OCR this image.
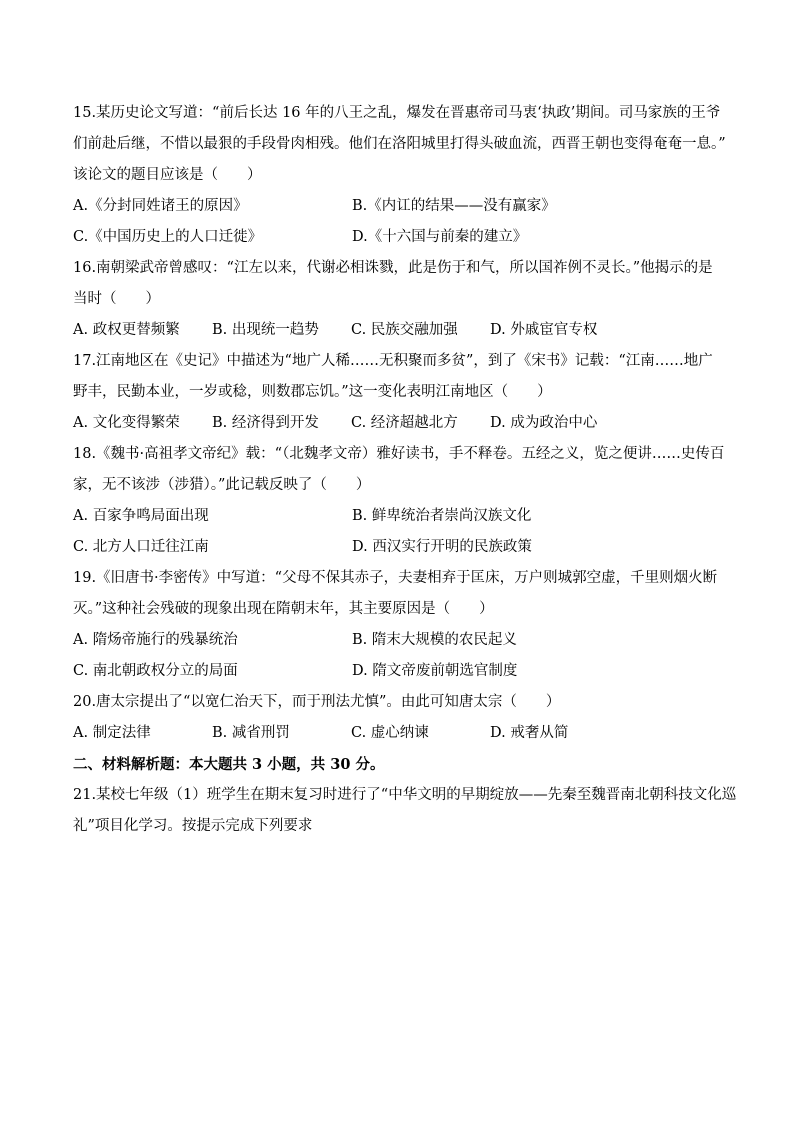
15.某历史论文写道：“前后长达 16 年的八王之乱，爆发在晋惠帝司马衷‘执政’期间。司马家族的王爷
们前赴后继，不惜以最狠的手段骨肉相残。他们在洛阳城里打得头破血流，西晋王朝也变得奄奄一息。”
该论文的题目应该是（　　）
A.《分封同姓诸王的原因》	B.《内讧的结果——没有赢家》
C.《中国历史上的人口迁徙》	D.《十六国与前秦的建立》
16.南朝梁武帝曾感叹：“江左以来，代谢必相诛戮，此是伤于和气，所以国祚例不灵长。”他揭示的是
当时（　　）
A. 政权更替频繁	B. 出现统一趋势	C. 民族交融加强	D. 外戚宦官专权
17.江南地区在《史记》中描述为“地广人稀……无积聚而多贫”，到了《宋书》记载：“江南……地广
野丰，民勤本业，一岁或稔，则数郡忘饥。”这一变化表明江南地区（　　）
A. 文化变得繁荣	B. 经济得到开发	C. 经济超越北方	D. 成为政治中心
18.《魏书·高祖孝文帝纪》载：“（北魏孝文帝）雅好读书，手不释卷。五经之义，览之便讲……史传百
家，无不该涉（涉猎）。”此记载反映了（　　）
A. 百家争鸣局面出现	B. 鲜卑统治者崇尚汉族文化
C. 北方人口迁往江南	D. 西汉实行开明的民族政策
19.《旧唐书·李密传》中写道：“父母不保其赤子，夫妻相弃于匡床，万户则城郭空虚，千里则烟火断
灭。”这种社会残破的现象出现在隋朝末年，其主要原因是（　　）
A. 隋炀帝施行的残暴统治	B. 隋末大规模的农民起义
C. 南北朝政权分立的局面	D. 隋文帝废前朝选官制度
20.唐太宗提出了“以宽仁治天下，而于刑法尤慎”。由此可知唐太宗（　　）
A. 制定法律	B. 减省刑罚	C. 虚心纳谏	D. 戒奢从简
二、材料解析题：本大题共 3 小题，共 30 分。
21.某校七年级（1）班学生在期末复习时进行了“中华文明的早期绽放——先秦至魏晋南北朝科技文化巡
礼”项目化学习。按提示完成下列要求
